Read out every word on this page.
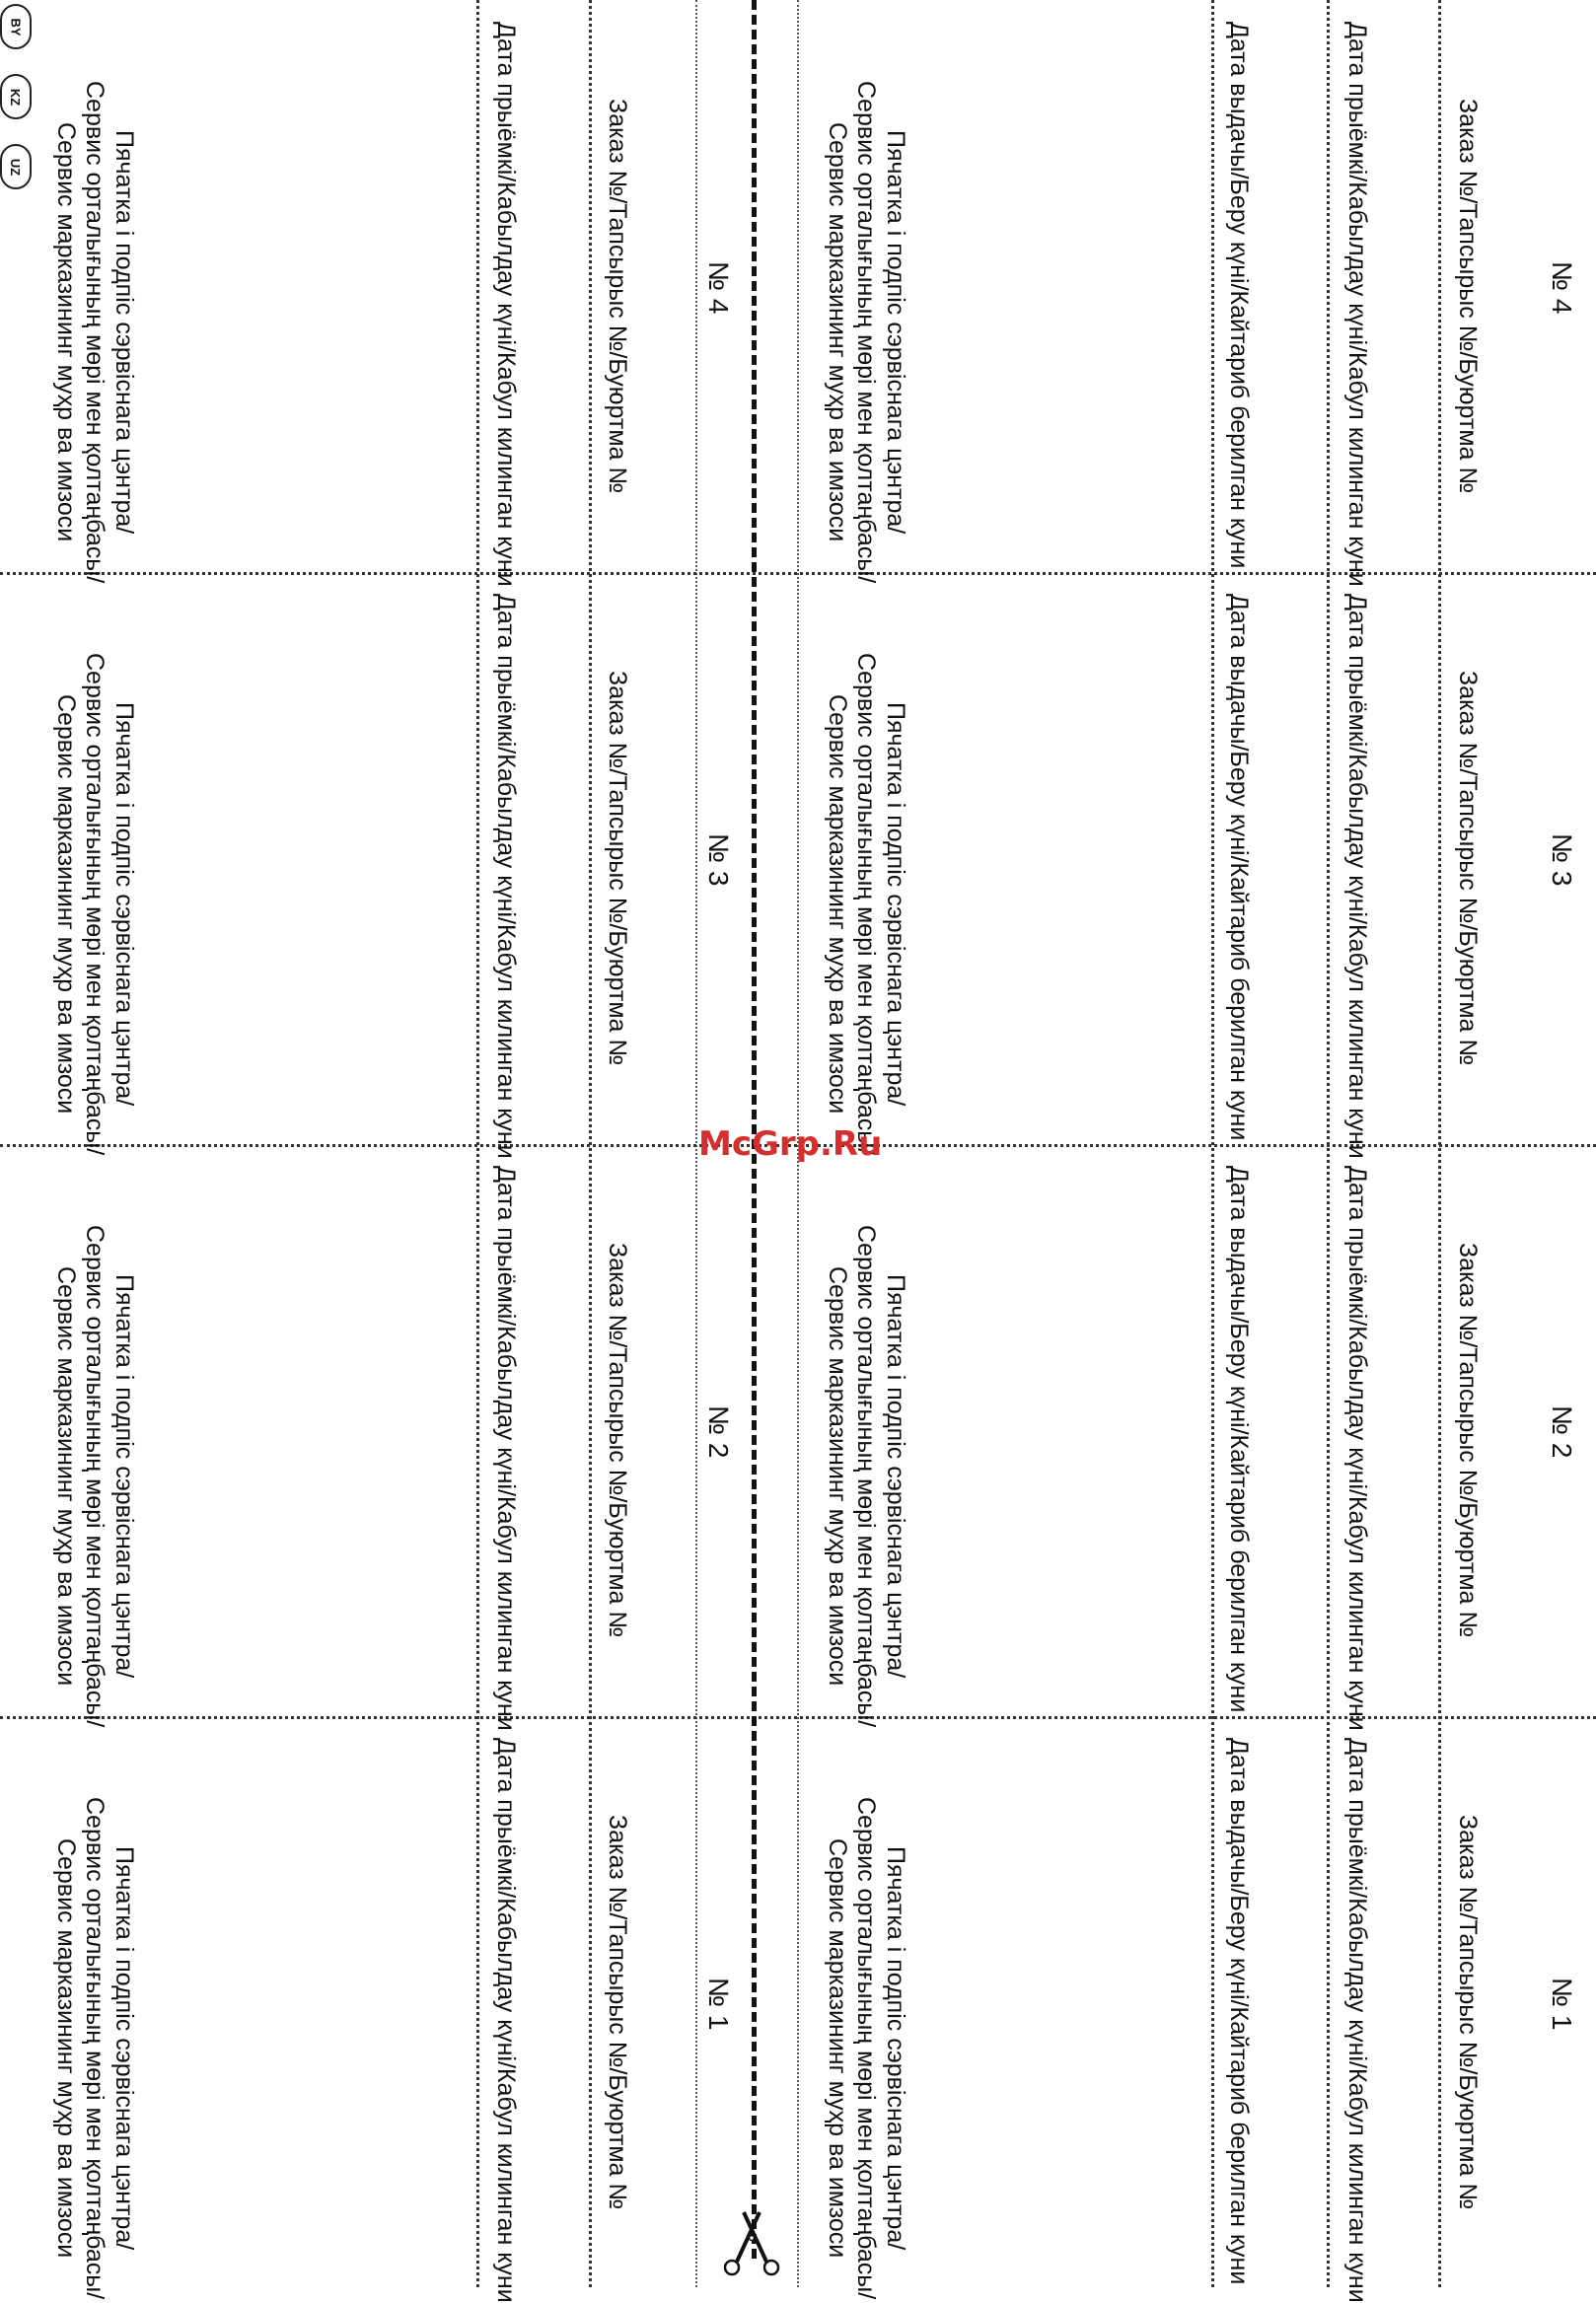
№ 4
Заказ №/Тапсырыс №/Буюртма №
Дата прыёмкі/Кабылдау күні/Кабул килинган куни
Дата выдачы/Беру күні/Кайтариб берилган куни
Пячатка і подпіс сэрвіснага цэнтра/
Сервис орталығының мөрі мен қолтаңбасы/
Сервис марказининг муҳр ва имзоси
№ 4
Заказ №/Тапсырыс №/Буюртма №
Дата прыёмкі/Кабылдау күні/Кабул килинган куни
Пячатка і подпіс сэрвіснага цэнтра/
Сервис орталығының мөрі мен қолтаңбасы/
Сервис марказининг муҳр ва имзоси
№ 3
Заказ №/Тапсырыс №/Буюртма №
Дата прыёмкі/Кабылдау күні/Кабул килинган куни
Дата выдачы/Беру күні/Кайтариб берилган куни
Пячатка і подпіс сэрвіснага цэнтра/
Сервис орталығының мөрі мен қолтаңбасы/
Сервис марказининг муҳр ва имзоси
№ 3
Заказ №/Тапсырыс №/Буюртма №
Дата прыёмкі/Кабылдау күні/Кабул килинган куни
Пячатка і подпіс сэрвіснага цэнтра/
Сервис орталығының мөрі мен қолтаңбасы/
Сервис марказининг муҳр ва имзоси
№ 2
Заказ №/Тапсырыс №/Буюртма №
Дата прыёмкі/Кабылдау күні/Кабул килинган куни
Дата выдачы/Беру күні/Кайтариб берилган куни
Пячатка і подпіс сэрвіснага цэнтра/
Сервис орталығының мөрі мен қолтаңбасы/
Сервис марказининг муҳр ва имзоси
№ 2
Заказ №/Тапсырыс №/Буюртма №
Дата прыёмкі/Кабылдау күні/Кабул килинган куни
Пячатка і подпіс сэрвіснага цэнтра/
Сервис орталығының мөрі мен қолтаңбасы/
Сервис марказининг муҳр ва имзоси
№ 1
Заказ №/Тапсырыс №/Буюртма №
Дата прыёмкі/Кабылдау күні/Кабул килинган куни
Дата выдачы/Беру күні/Кайтариб берилган куни
Пячатка і подпіс сэрвіснага цэнтра/
Сервис орталығының мөрі мен қолтаңбасы/
Сервис марказининг муҳр ва имзоси
№ 1
Заказ №/Тапсырыс №/Буюртма №
Дата прыёмкі/Кабылдау күні/Кабул килинган куни
Пячатка і подпіс сэрвіснага цэнтра/
Сервис орталығының мөрі мен қолтаңбасы/
Сервис марказининг муҳр ва имзоси
BY
KZ
UZ
McGrp.Ru
